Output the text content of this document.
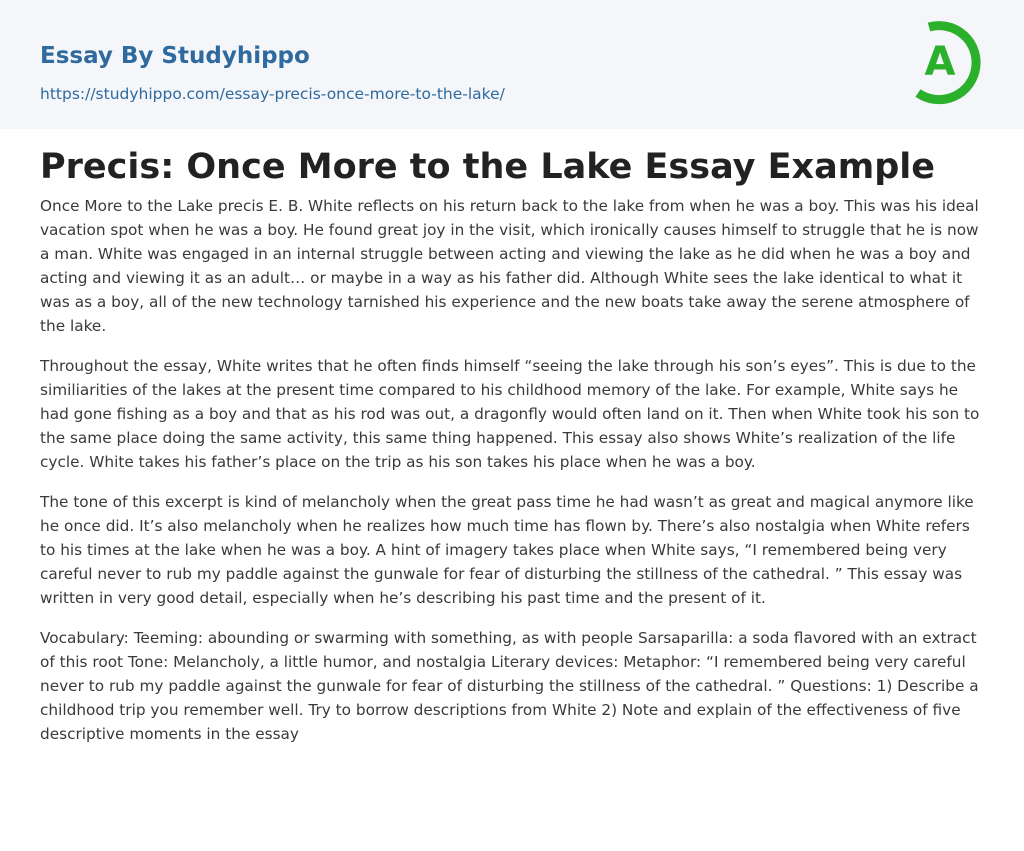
Essay By Studyhippo
https://studyhippo.com/essay-precis-once-more-to-the-lake/
A
Precis: Once More to the Lake Essay Example

Once More to the Lake precis E. B. White reflects on his return back to the lake from when he was a boy. This was his ideal vacation spot when he was a boy. He found great joy in the visit, which ironically causes himself to struggle that he is now a man. White was engaged in an internal struggle between acting and viewing the lake as he did when he was a boy and acting and viewing it as an adult… or maybe in a way as his father did. Although White sees the lake identical to what it was as a boy, all of the new technology tarnished his experience and the new boats take away the serene atmosphere of the lake.

Throughout the essay, White writes that he often finds himself “seeing the lake through his son’s eyes”. This is due to the similiarities of the lakes at the present time compared to his childhood memory of the lake. For example, White says he had gone fishing as a boy and that as his rod was out, a dragonfly would often land on it. Then when White took his son to the same place doing the same activity, this same thing happened. This essay also shows White’s realization of the life cycle. White takes his father’s place on the trip as his son takes his place when he was a boy.

The tone of this excerpt is kind of melancholy when the great pass time he had wasn’t as great and magical anymore like he once did. It’s also melancholy when he realizes how much time has flown by. There’s also nostalgia when White refers to his times at the lake when he was a boy. A hint of imagery takes place when White says, “I remembered being very careful never to rub my paddle against the gunwale for fear of disturbing the stillness of the cathedral. ” This essay was written in very good detail, especially when he’s describing his past time and the present of it.

Vocabulary: Teeming: abounding or swarming with something, as with people Sarsaparilla: a soda flavored with an extract of this root Tone: Melancholy, a little humor, and nostalgia Literary devices: Metaphor: “I remembered being very careful never to rub my paddle against the gunwale for fear of disturbing the stillness of the cathedral. ” Questions: 1) Describe a childhood trip you remember well. Try to borrow descriptions from White 2) Note and explain of the effectiveness of five descriptive moments in the essay
